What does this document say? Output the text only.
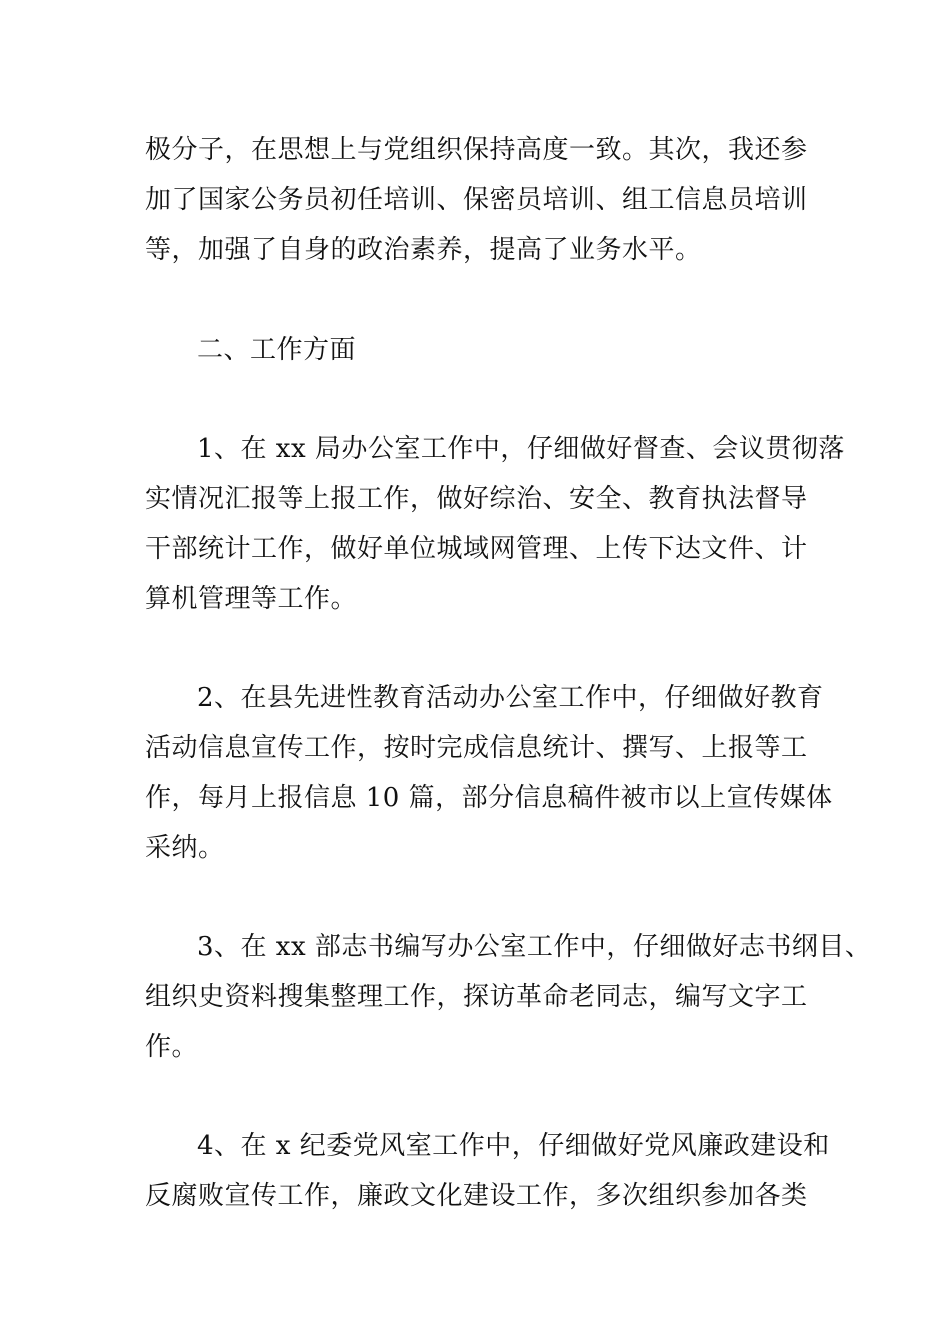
极分子，在思想上与党组织保持高度一致。其次，我还参
加了国家公务员初任培训、保密员培训、组工信息员培训
等，加强了自身的政治素养，提高了业务水平。
二、工作方面
1、在 xx 局办公室工作中，仔细做好督查、会议贯彻落
实情况汇报等上报工作，做好综治、安全、教育执法督导
干部统计工作，做好单位城域网管理、上传下达文件、计
算机管理等工作。
2、在县先进性教育活动办公室工作中，仔细做好教育
活动信息宣传工作，按时完成信息统计、撰写、上报等工
作，每月上报信息 10 篇，部分信息稿件被市以上宣传媒体
采纳。
3、在 xx 部志书编写办公室工作中，仔细做好志书纲目、
组织史资料搜集整理工作，探访革命老同志，编写文字工
作。
4、在 x 纪委党风室工作中，仔细做好党风廉政建设和
反腐败宣传工作，廉政文化建设工作，多次组织参加各类
